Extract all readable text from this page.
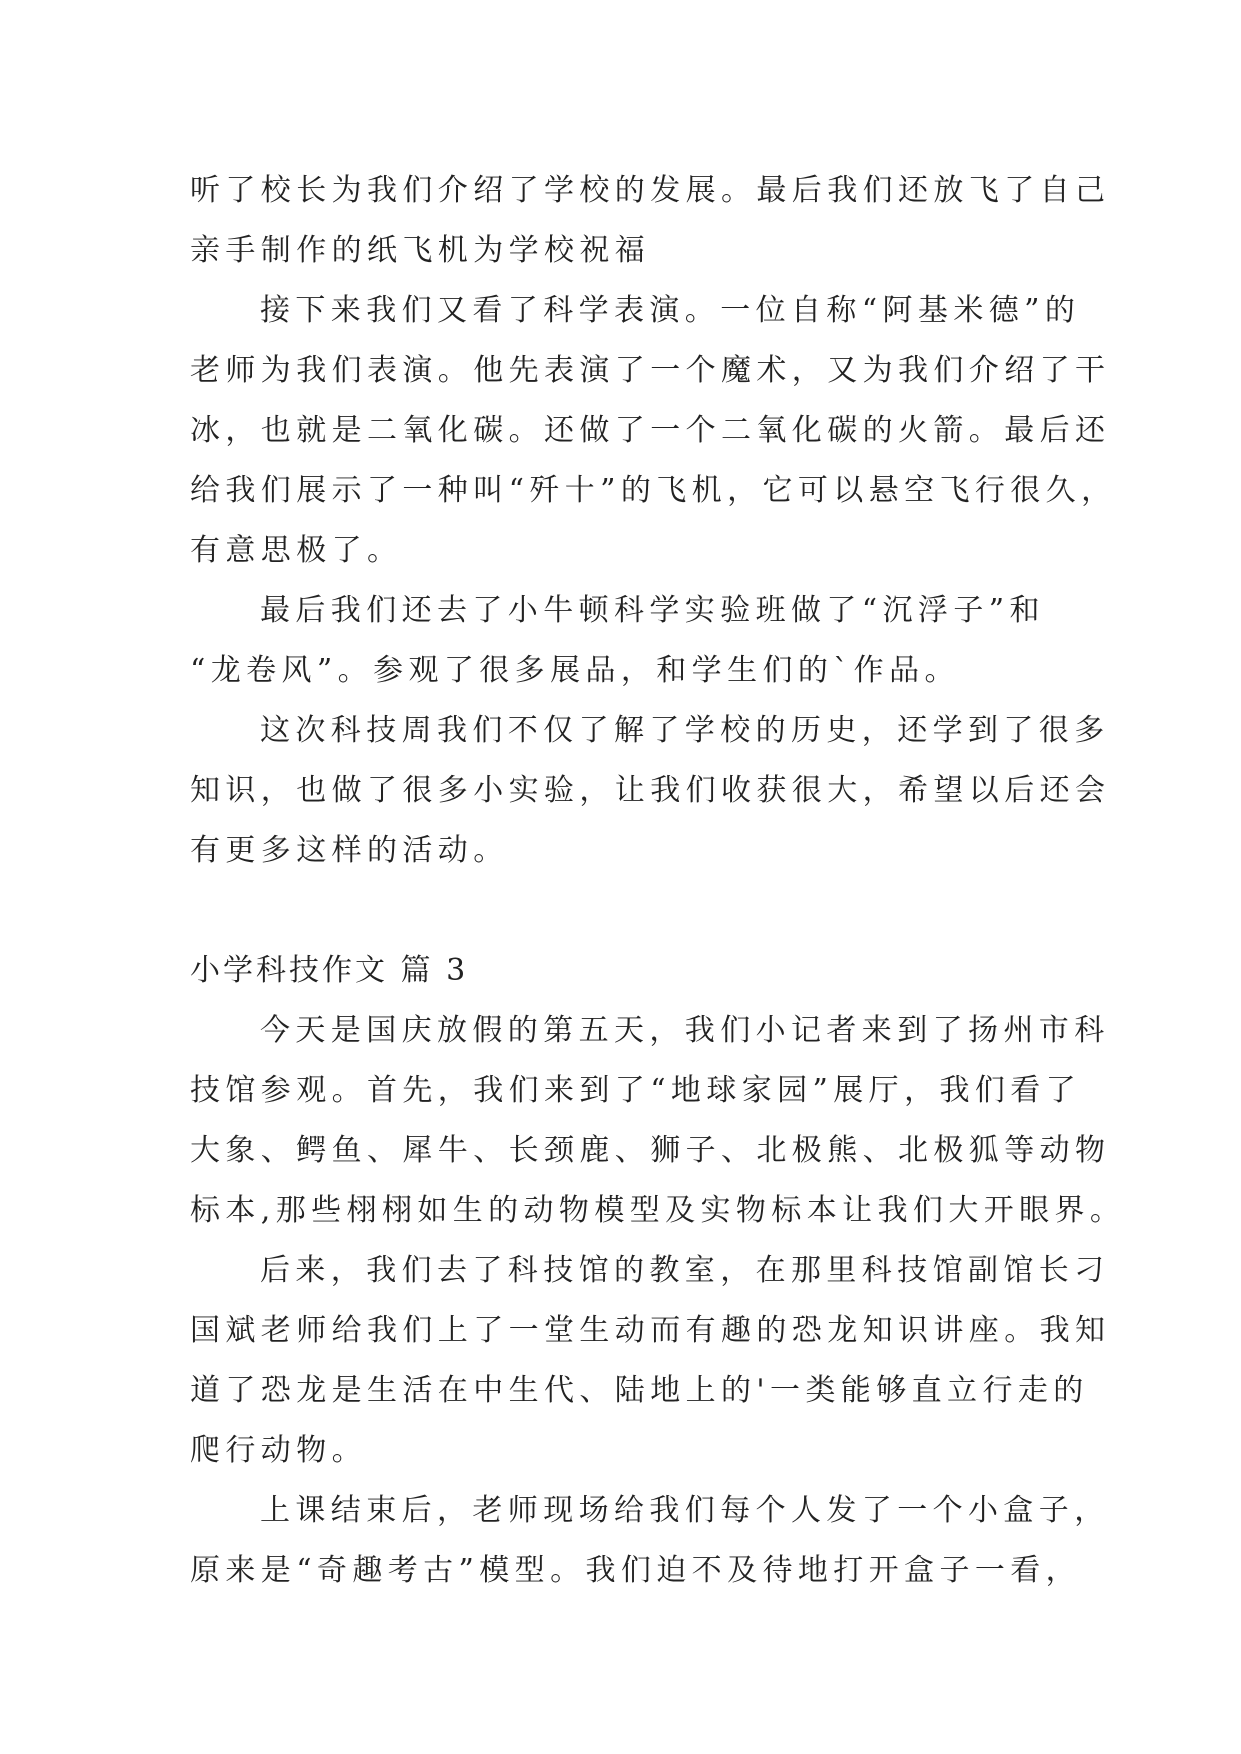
听了校长为我们介绍了学校的发展。最后我们还放飞了自己
亲手制作的纸飞机为学校祝福
接下来我们又看了科学表演。一位自称“阿基米德”的
老师为我们表演。他先表演了一个魔术，又为我们介绍了干
冰，也就是二氧化碳。还做了一个二氧化碳的火箭。最后还
给我们展示了一种叫“歼十”的飞机，它可以悬空飞行很久，
有意思极了。
最后我们还去了小牛顿科学实验班做了“沉浮子”和
“龙卷风”。参观了很多展品，和学生们的`作品。
这次科技周我们不仅了解了学校的历史，还学到了很多
知识，也做了很多小实验，让我们收获很大，希望以后还会
有更多这样的活动。
小学科技作文 篇 3
今天是国庆放假的第五天，我们小记者来到了扬州市科
技馆参观。首先，我们来到了“地球家园”展厅，我们看了
大象、鳄鱼、犀牛、长颈鹿、狮子、北极熊、北极狐等动物
标本,那些栩栩如生的动物模型及实物标本让我们大开眼界。
后来，我们去了科技馆的教室，在那里科技馆副馆长刁
国斌老师给我们上了一堂生动而有趣的恐龙知识讲座。我知
道了恐龙是生活在中生代、陆地上的'一类能够直立行走的
爬行动物。
上课结束后，老师现场给我们每个人发了一个小盒子，
原来是“奇趣考古”模型。我们迫不及待地打开盒子一看，
